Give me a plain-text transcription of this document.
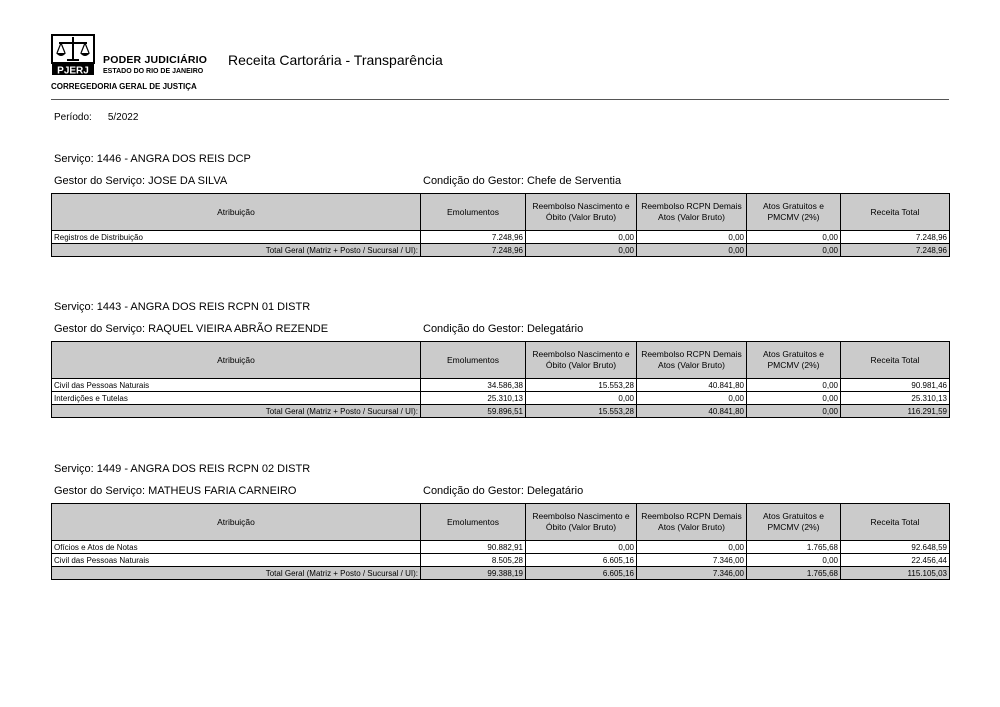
PJERJ
PODER JUDICIÁRIO
ESTADO DO RIO DE JANEIRO
CORREGEDORIA GERAL DE JUSTIÇA
Receita Cartorária - Transparência
Período: 5/2022
Serviço: 1446 - ANGRA DOS REIS DCP
Gestor do Serviço: JOSE DA SILVA	Condição do Gestor: Chefe de Serventia
Atribuição	Emolumentos	Reembolso Nascimento e Óbito (Valor Bruto)	Reembolso RCPN Demais Atos (Valor Bruto)	Atos Gratuitos e PMCMV (2%)	Receita Total
Registros de Distribuição	7.248,96	0,00	0,00	0,00	7.248,96
Total Geral (Matriz + Posto / Sucursal / UI):	7.248,96	0,00	0,00	0,00	7.248,96
Serviço: 1443 - ANGRA DOS REIS RCPN 01 DISTR
Gestor do Serviço: RAQUEL VIEIRA ABRÃO REZENDE	Condição do Gestor: Delegatário
Atribuição	Emolumentos	Reembolso Nascimento e Óbito (Valor Bruto)	Reembolso RCPN Demais Atos (Valor Bruto)	Atos Gratuitos e PMCMV (2%)	Receita Total
Civil das Pessoas Naturais	34.586,38	15.553,28	40.841,80	0,00	90.981,46
Interdições e Tutelas	25.310,13	0,00	0,00	0,00	25.310,13
Total Geral (Matriz + Posto / Sucursal / UI):	59.896,51	15.553,28	40.841,80	0,00	116.291,59
Serviço: 1449 - ANGRA DOS REIS RCPN 02 DISTR
Gestor do Serviço: MATHEUS FARIA CARNEIRO	Condição do Gestor: Delegatário
Atribuição	Emolumentos	Reembolso Nascimento e Óbito (Valor Bruto)	Reembolso RCPN Demais Atos (Valor Bruto)	Atos Gratuitos e PMCMV (2%)	Receita Total
Ofícios e Atos de Notas	90.882,91	0,00	0,00	1.765,68	92.648,59
Civil das Pessoas Naturais	8.505,28	6.605,16	7.346,00	0,00	22.456,44
Total Geral (Matriz + Posto / Sucursal / UI):	99.388,19	6.605,16	7.346,00	1.765,68	115.105,03
